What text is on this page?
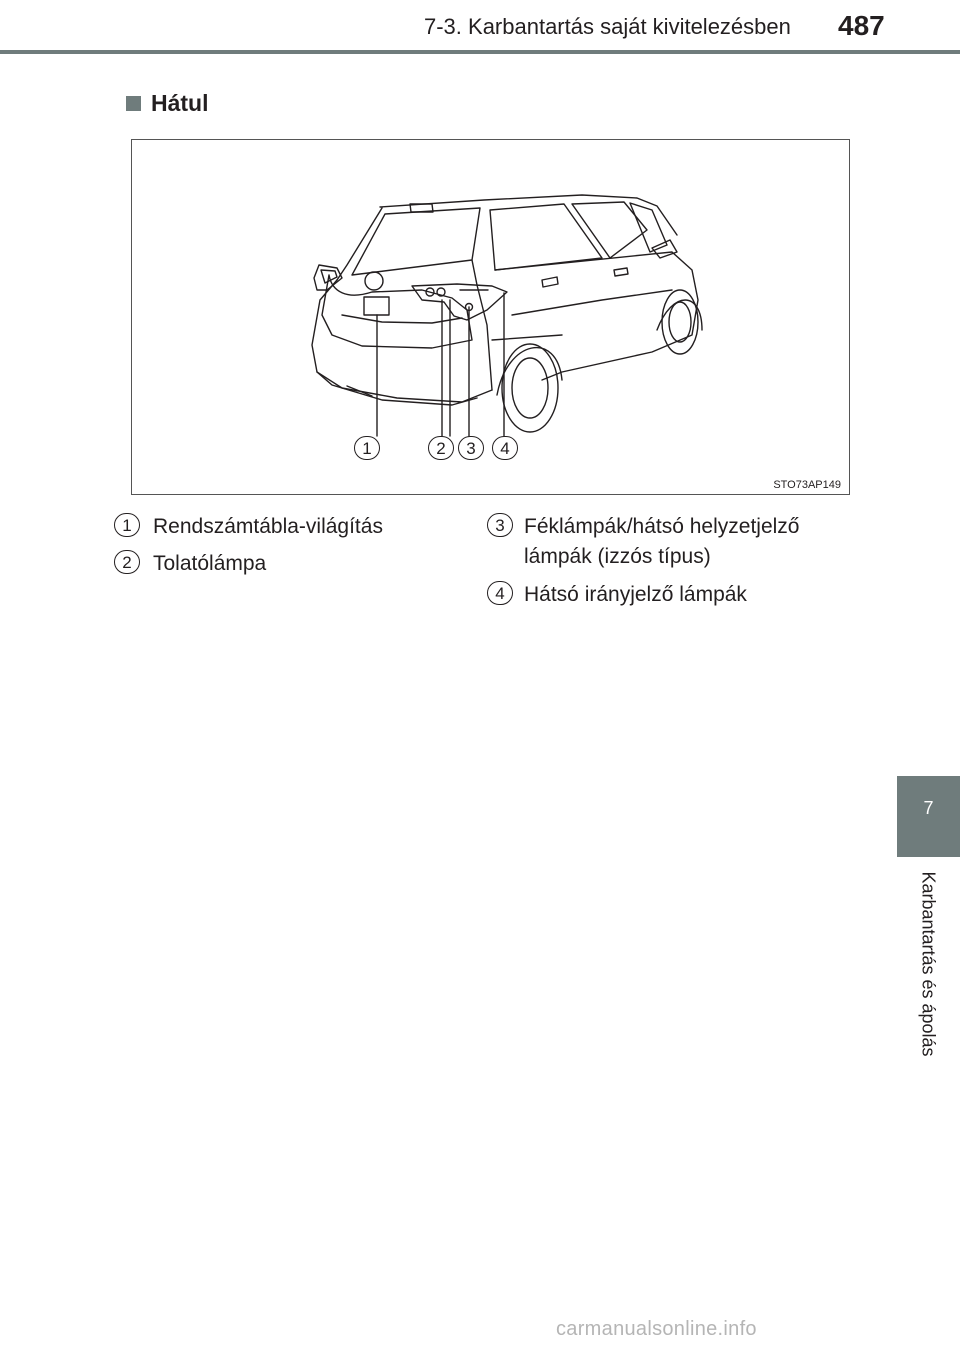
7-3. Karbantartás saját kivitelezésben 487
Hátul
1	2	3	4
STO73AP149
1	Rendszámtábla-világítás
2	Tolatólámpa
3 Féklámpák/hátsó helyzetjelző
lámpák (izzós típus)
4 Hátsó irányjelző lámpák
7
Karbantartás és ápolás
carmanualsonline.info
